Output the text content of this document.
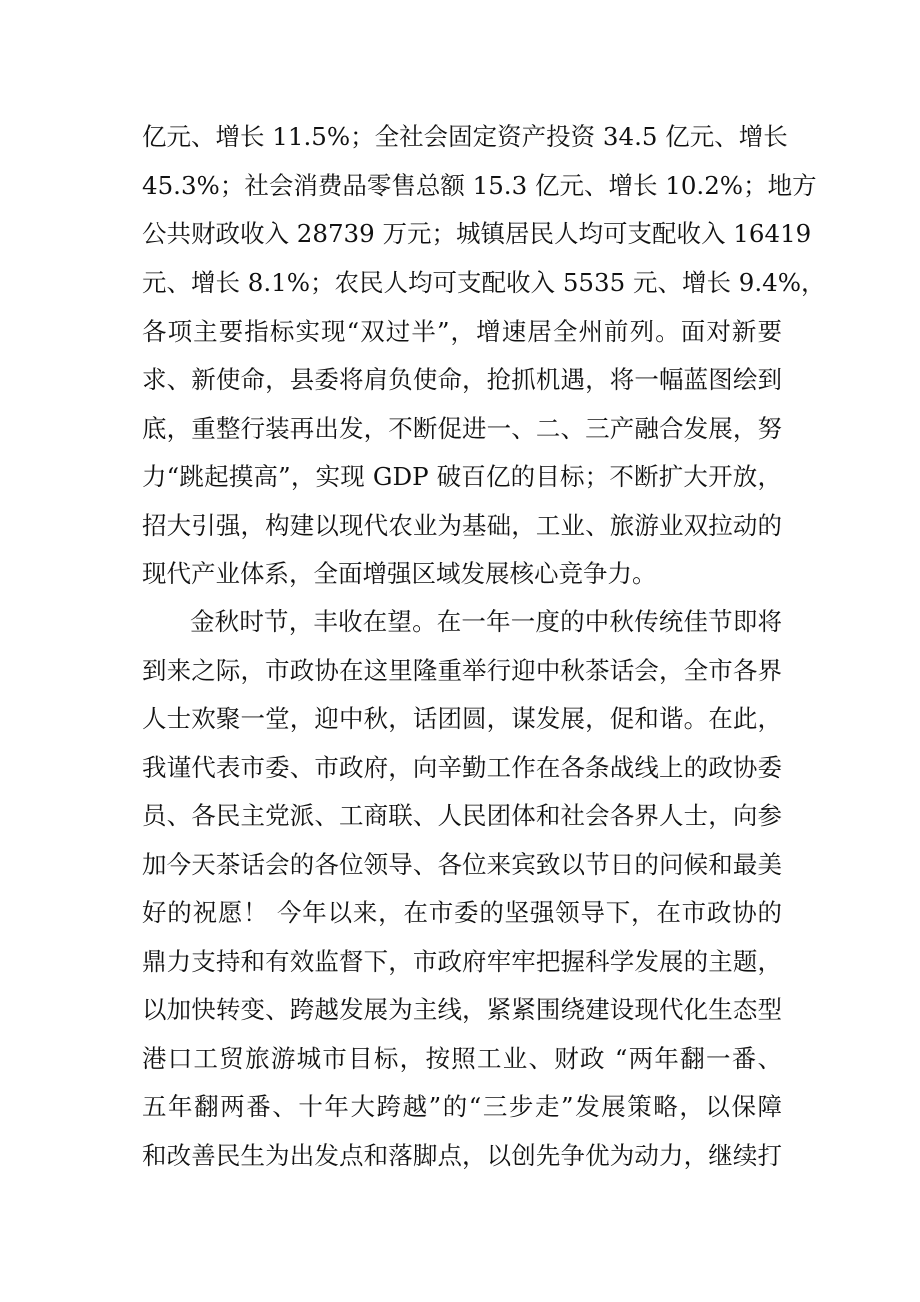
亿元、增长 11.5%；全社会固定资产投资 34.5 亿元、增长
45.3%；社会消费品零售总额 15.3 亿元、增长 10.2%；地方
公共财政收入 28739 万元；城镇居民人均可支配收入 16419
元、增长 8.1%；农民人均可支配收入 5535 元、增长 9.4%，
各项主要指标实现“双过半”，增速居全州前列。面对新要
求、新使命，县委将肩负使命，抢抓机遇，将一幅蓝图绘到
底，重整行装再出发，不断促进一、二、三产融合发展，努
力“跳起摸高”，实现 GDP 破百亿的目标；不断扩大开放，
招大引强，构建以现代农业为基础，工业、旅游业双拉动的
现代产业体系，全面增强区域发展核心竞争力。
金秋时节，丰收在望。在一年一度的中秋传统佳节即将
到来之际，市政协在这里隆重举行迎中秋茶话会，全市各界
人士欢聚一堂，迎中秋，话团圆，谋发展，促和谐。在此，
我谨代表市委、市政府，向辛勤工作在各条战线上的政协委
员、各民主党派、工商联、人民团体和社会各界人士，向参
加今天茶话会的各位领导、各位来宾致以节日的问候和最美
好的祝愿！ 今年以来，在市委的坚强领导下，在市政协的
鼎力支持和有效监督下，市政府牢牢把握科学发展的主题，
以加快转变、跨越发展为主线，紧紧围绕建设现代化生态型
港口工贸旅游城市目标，按照工业、财政 “两年翻一番、
五年翻两番、十年大跨越”的“三步走”发展策略，以保障
和改善民生为出发点和落脚点，以创先争优为动力，继续打
